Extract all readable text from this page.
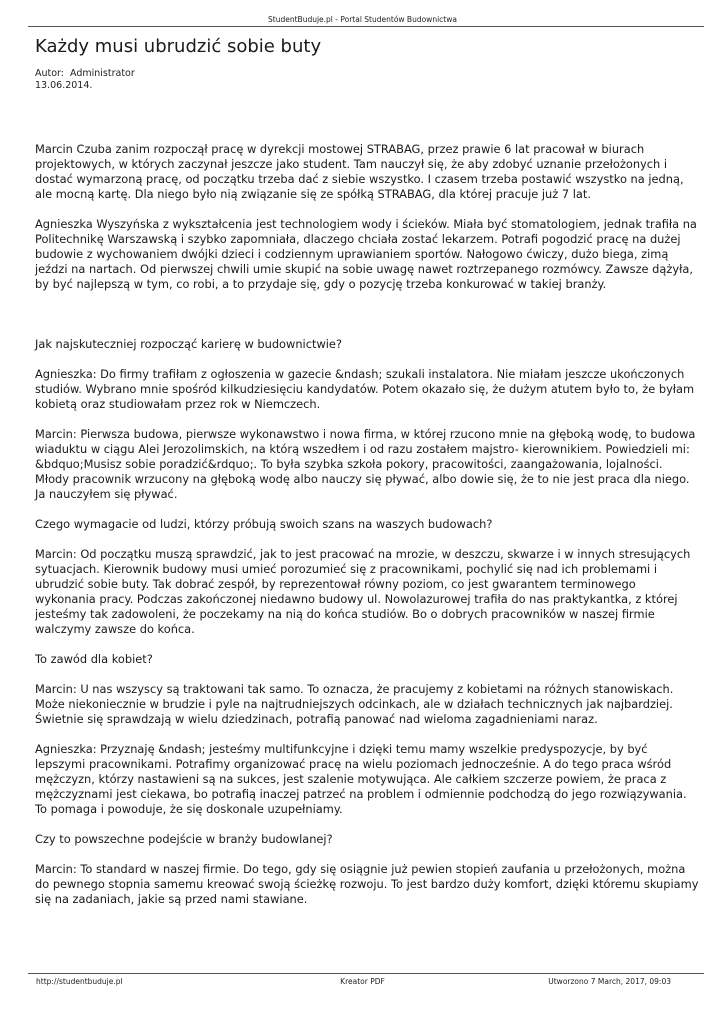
StudentBuduje.pl - Portal Studentów Budownictwa
Każdy musi ubrudzić sobie buty
Autor: Administrator
13.06.2014.

Marcin Czuba zanim rozpoczął pracę w dyrekcji mostowej STRABAG, przez prawie 6 lat pracował w biurach projektowych, w których zaczynał jeszcze jako student. Tam nauczył się, że aby zdobyć uznanie przełożonych i dostać wymarzoną pracę, od początku trzeba dać z siebie wszystko. I czasem trzeba postawić wszystko na jedną, ale mocną kartę. Dla niego było nią związanie się ze spółką STRABAG, dla której pracuje już 7 lat.

Agnieszka Wyszyńska z wykształcenia jest technologiem wody i ścieków. Miała być stomatologiem, jednak trafiła na Politechnikę Warszawską i szybko zapomniała, dlaczego chciała zostać lekarzem. Potrafi pogodzić pracę na dużej budowie z wychowaniem dwójki dzieci i codziennym uprawianiem sportów. Nałogowo ćwiczy, dużo biega, zimą jeździ na nartach. Od pierwszej chwili umie skupić na sobie uwagę nawet roztrzepanego rozmówcy. Zawsze dążyła, by być najlepszą w tym, co robi, a to przydaje się, gdy o pozycję trzeba konkurować w takiej branży.

Jak najskuteczniej rozpocząć karierę w budownictwie?

Agnieszka: Do firmy trafiłam z ogłoszenia w gazecie &ndash; szukali instalatora. Nie miałam jeszcze ukończonych studiów. Wybrano mnie spośród kilkudziesięciu kandydatów. Potem okazało się, że dużym atutem było to, że byłam kobietą oraz studiowałam przez rok w Niemczech.

Marcin: Pierwsza budowa, pierwsze wykonawstwo i nowa firma, w której rzucono mnie na głęboką wodę, to budowa wiaduktu w ciągu Alei Jerozolimskich, na którą wszedłem i od razu zostałem majstro- kierownikiem. Powiedzieli mi: &bdquo;Musisz sobie poradzić&rdquo;. To była szybka szkoła pokory, pracowitości, zaangażowania, lojalności. Młody pracownik wrzucony na głęboką wodę albo nauczy się pływać, albo dowie się, że to nie jest praca dla niego. Ja nauczyłem się pływać.

Czego wymagacie od ludzi, którzy próbują swoich szans na waszych budowach?

Marcin: Od początku muszą sprawdzić, jak to jest pracować na mrozie, w deszczu, skwarze i w innych stresujących sytuacjach. Kierownik budowy musi umieć porozumieć się z pracownikami, pochylić się nad ich problemami i ubrudzić sobie buty. Tak dobrać zespół, by reprezentował równy poziom, co jest gwarantem terminowego wykonania pracy. Podczas zakończonej niedawno budowy ul. Nowolazurowej trafiła do nas praktykantka, z której jesteśmy tak zadowoleni, że poczekamy na nią do końca studiów. Bo o dobrych pracowników w naszej firmie walczymy zawsze do końca.

To zawód dla kobiet?

Marcin: U nas wszyscy są traktowani tak samo. To oznacza, że pracujemy z kobietami na różnych stanowiskach. Może niekoniecznie w brudzie i pyle na najtrudniejszych odcinkach, ale w działach technicznych jak najbardziej. Świetnie się sprawdzają w wielu dziedzinach, potrafią panować nad wieloma zagadnieniami naraz.

Agnieszka: Przyznaję &ndash; jesteśmy multifunkcyjne i dzięki temu mamy wszelkie predyspozycje, by być lepszymi pracownikami. Potrafimy organizować pracę na wielu poziomach jednocześnie. A do tego praca wśród mężczyzn, którzy nastawieni są na sukces, jest szalenie motywująca. Ale całkiem szczerze powiem, że praca z mężczyznami jest ciekawa, bo potrafią inaczej patrzeć na problem i odmiennie podchodzą do jego rozwiązywania. To pomaga i powoduje, że się doskonale uzupełniamy.

Czy to powszechne podejście w branży budowlanej?

Marcin: To standard w naszej firmie. Do tego, gdy się osiągnie już pewien stopień zaufania u przełożonych, można do pewnego stopnia samemu kreować swoją ścieżkę rozwoju. To jest bardzo duży komfort, dzięki któremu skupiamy się na zadaniach, jakie są przed nami stawiane.

http://studentbuduje.pl	Kreator PDF	Utworzono 7 March, 2017, 09:03
